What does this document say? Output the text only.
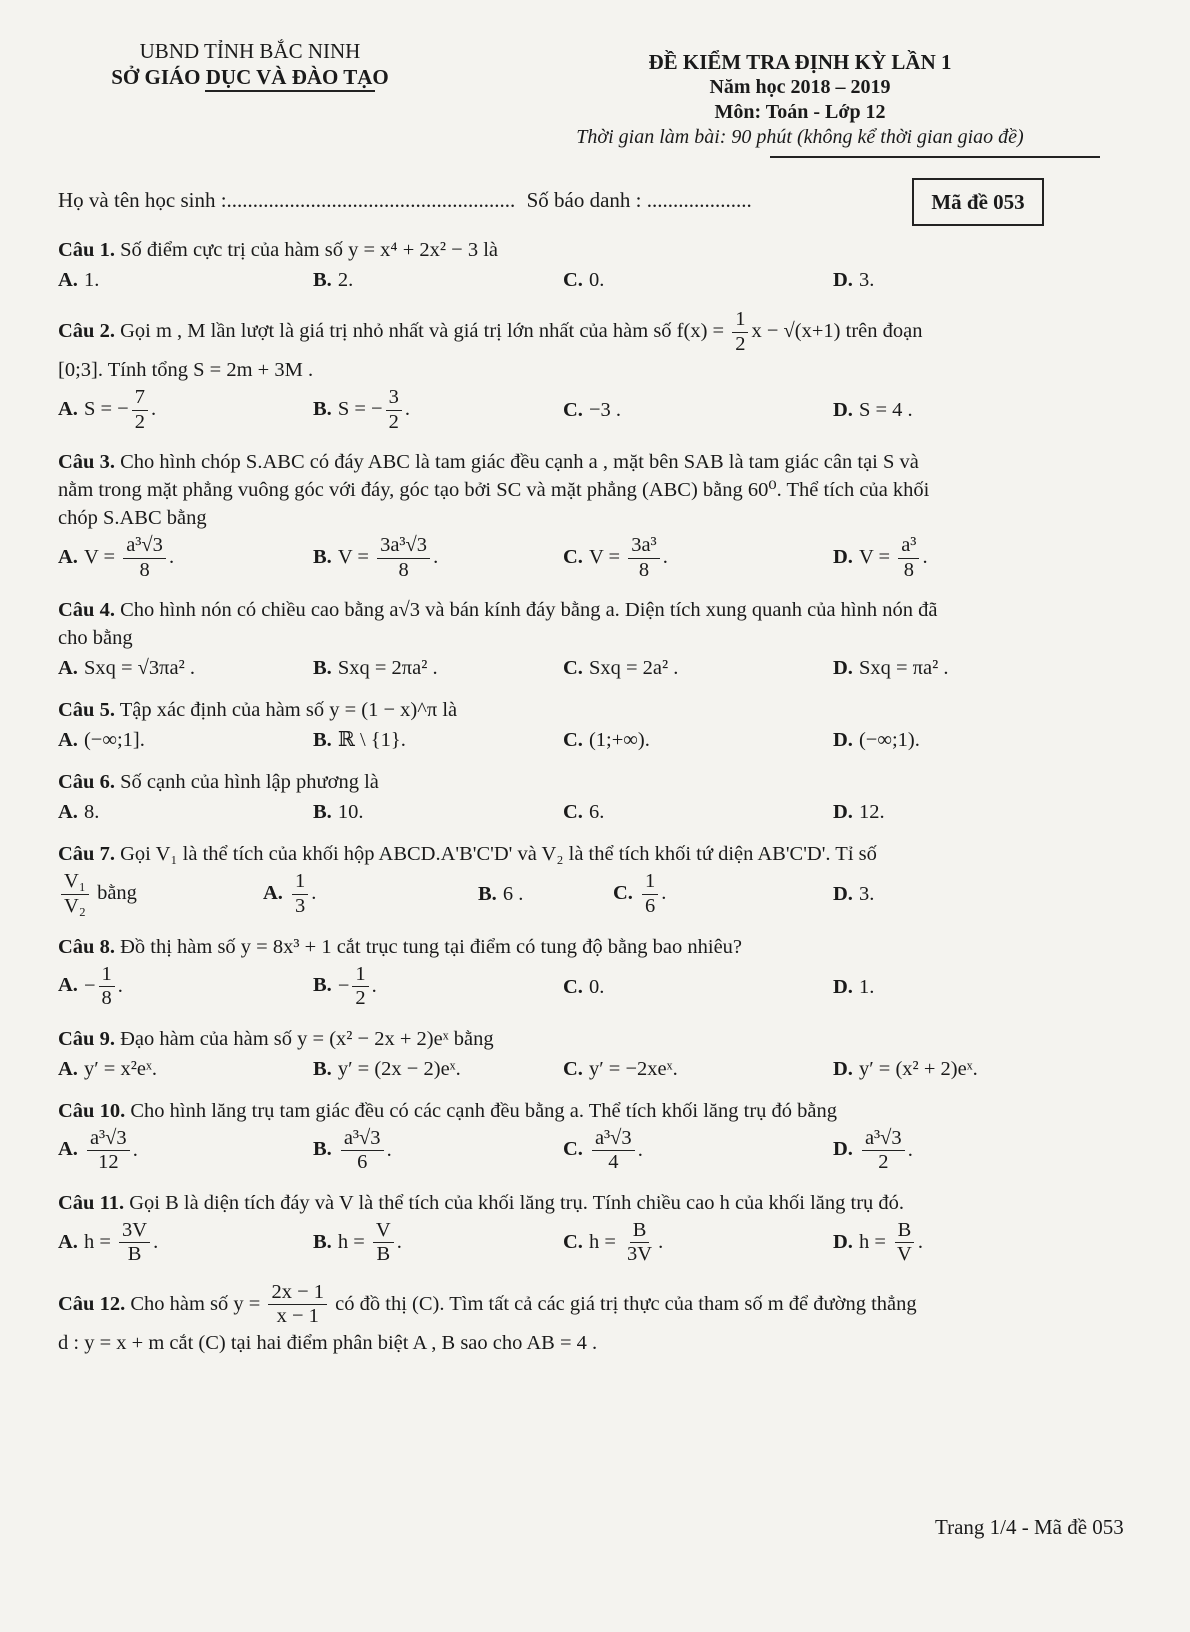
UBND TỈNH BẮC NINH
SỞ GIÁO DỤC VÀ ĐÀO TẠO
ĐỀ KIỂM TRA ĐỊNH KỲ LẦN 1
Năm học 2018 – 2019
Môn: Toán - Lớp 12
Thời gian làm bài: 90 phút (không kể thời gian giao đề)
Họ và tên học sinh :....................................................... Số báo danh : ....................	Mã đề 053
Câu 1. Số điểm cực trị của hàm số y = x⁴ + 2x² − 3 là
A. 1.	B. 2.	C. 0.	D. 3.
Câu 2. Gọi m , M lần lượt là giá trị nhỏ nhất và giá trị lớn nhất của hàm số $f(x) = \frac{1}{2}$ x − √(x+1) trên đoạn
[0;3]. Tính tổng S = 2m + 3M .
A. S = − $\frac{7}{2}$ .	B. S = − $\frac{3}{2}$ .	C. −3 .	D. S = 4 .
Câu 3. Cho hình chóp S.ABC có đáy ABC là tam giác đều cạnh a , mặt bên SAB là tam giác cân tại S và
nằm trong mặt phẳng vuông góc với đáy, góc tạo bởi SC và mặt phẳng (ABC) bằng 60⁰. Thể tích của khối
chóp S.ABC bằng
A. $V = \frac{\text{a³√3}}{8}$ .	B. $V = \frac{\text{3a³√3}}{8}$ .	C. $V = \frac{\text{3a³}}{8}$ .	D. $V = \frac{\text{a³}}{8}$ .
Câu 4. Cho hình nón có chiều cao bằng a√3 và bán kính đáy bằng a. Diện tích xung quanh của hình nón đã
cho bằng
A. Sxq = √3πa² .	B. Sxq = 2πa² .	C. Sxq = 2a² .	D. Sxq = πa² .
Câu 5. Tập xác định của hàm số y = (1 − x)^π là
A. (−∞;1].	B. ℝ \ {1}.	C. (1;+∞).	D. (−∞;1).
Câu 6. Số cạnh của hình lập phương là
A. 8.	B. 10.	C. 6.	D. 12.
Câu 7. Gọi V₁ là thể tích của khối hộp ABCD.A'B'C'D' và V₂ là thể tích khối tứ diện AB'C'D'. Tỉ số
$\frac{\text{V₁}}{\text{V₂}}$ bằng	A. $\frac{1}{3}$ .	B. 6 .	C. $\frac{1}{6}$ .	D. 3.
Câu 8. Đồ thị hàm số y = 8x³ + 1 cắt trục tung tại điểm có tung độ bằng bao nhiêu?
A. − $\frac{1}{8}$ .	B. − $\frac{1}{2}$ .	C. 0.	D. 1.
Câu 9. Đạo hàm của hàm số y = (x² − 2x + 2)eˣ bằng
A. y′ = x²eˣ.	B. y′ = (2x − 2)eˣ.	C. y′ = −2xeˣ.	D. y′ = (x² + 2)eˣ.
Câu 10. Cho hình lăng trụ tam giác đều có các cạnh đều bằng a. Thể tích khối lăng trụ đó bằng
A. $\frac{\text{a³√3}}{12}$ .	B. $\frac{\text{a³√3}}{6}$ .	C. $\frac{\text{a³√3}}{4}$ .	D. $\frac{\text{a³√3}}{2}$ .
Câu 11. Gọi B là diện tích đáy và V là thể tích của khối lăng trụ. Tính chiều cao h của khối lăng trụ đó.
A. $h = \frac{3V}{B}$ .	B. $h = \frac{V}{B}$ .	C. $h = \frac{B}{3V}$ .	D. $h = \frac{B}{V}$ .
Câu 12. Cho hàm số $y = \frac{2x - 1}{x - 1}$ có đồ thị (C). Tìm tất cả các giá trị thực của tham số m để đường thẳng
d : y = x + m cắt (C) tại hai điểm phân biệt A , B sao cho AB = 4 .
Trang 1/4 - Mã đề 053
